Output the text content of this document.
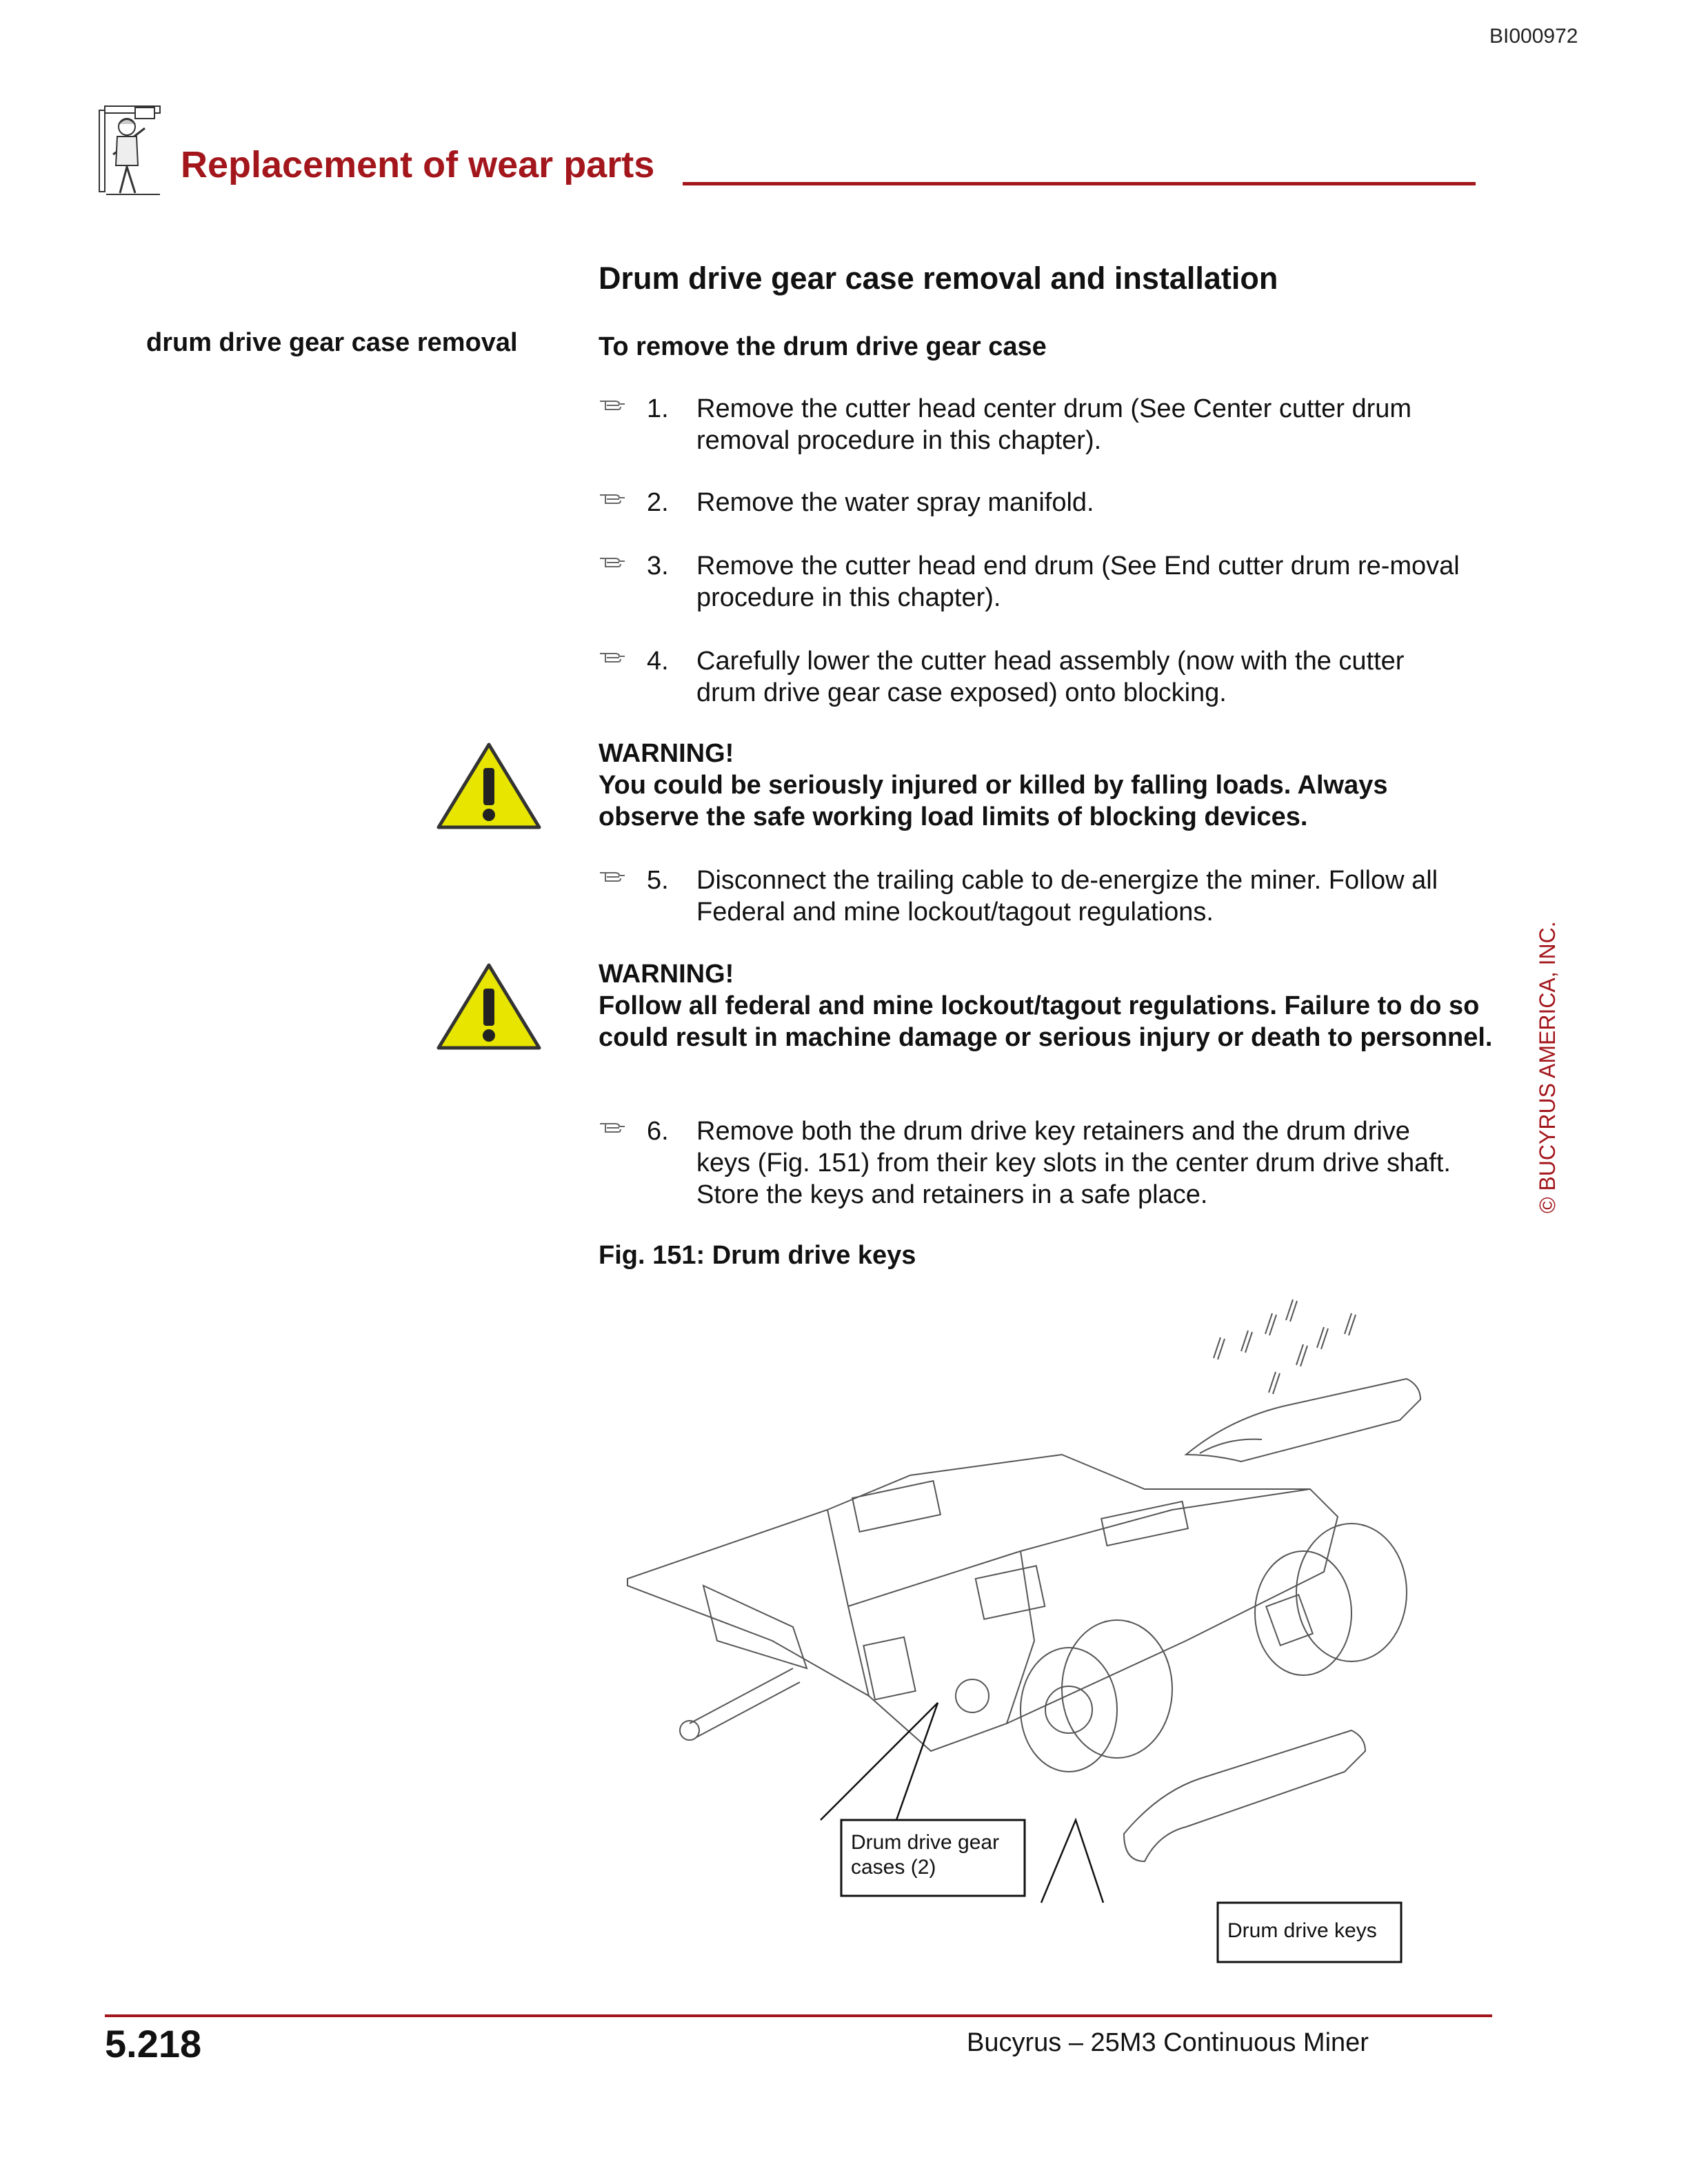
BI000972
Replacement of wear parts
Drum drive gear case removal and installation
drum drive gear case removal	To remove the drum drive gear case
1. Remove the cutter head center drum (See Center cutter drum removal procedure in this chapter).
2. Remove the water spray manifold.
3. Remove the cutter head end drum (See End cutter drum re-moval procedure in this chapter).
4. Carefully lower the cutter head assembly (now with the cutter drum drive gear case exposed) onto blocking.
WARNING!
You could be seriously injured or killed by falling loads. Always observe the safe working load limits of blocking devices.
5. Disconnect the trailing cable to de-energize the miner. Follow all Federal and mine lockout/tagout regulations.
WARNING!
Follow all federal and mine lockout/tagout regulations. Failure to do so could result in machine damage or serious injury or death to personnel.
6. Remove both the drum drive key retainers and the drum drive keys (Fig. 151) from their key slots in the center drum drive shaft. Store the keys and retainers in a safe place.	© BUCYRUS AMERICA, INC.
Fig. 151: Drum drive keys
Drum drive gear
cases (2)
Drum drive keys
5.218	Bucyrus – 25M3 Continuous Miner
